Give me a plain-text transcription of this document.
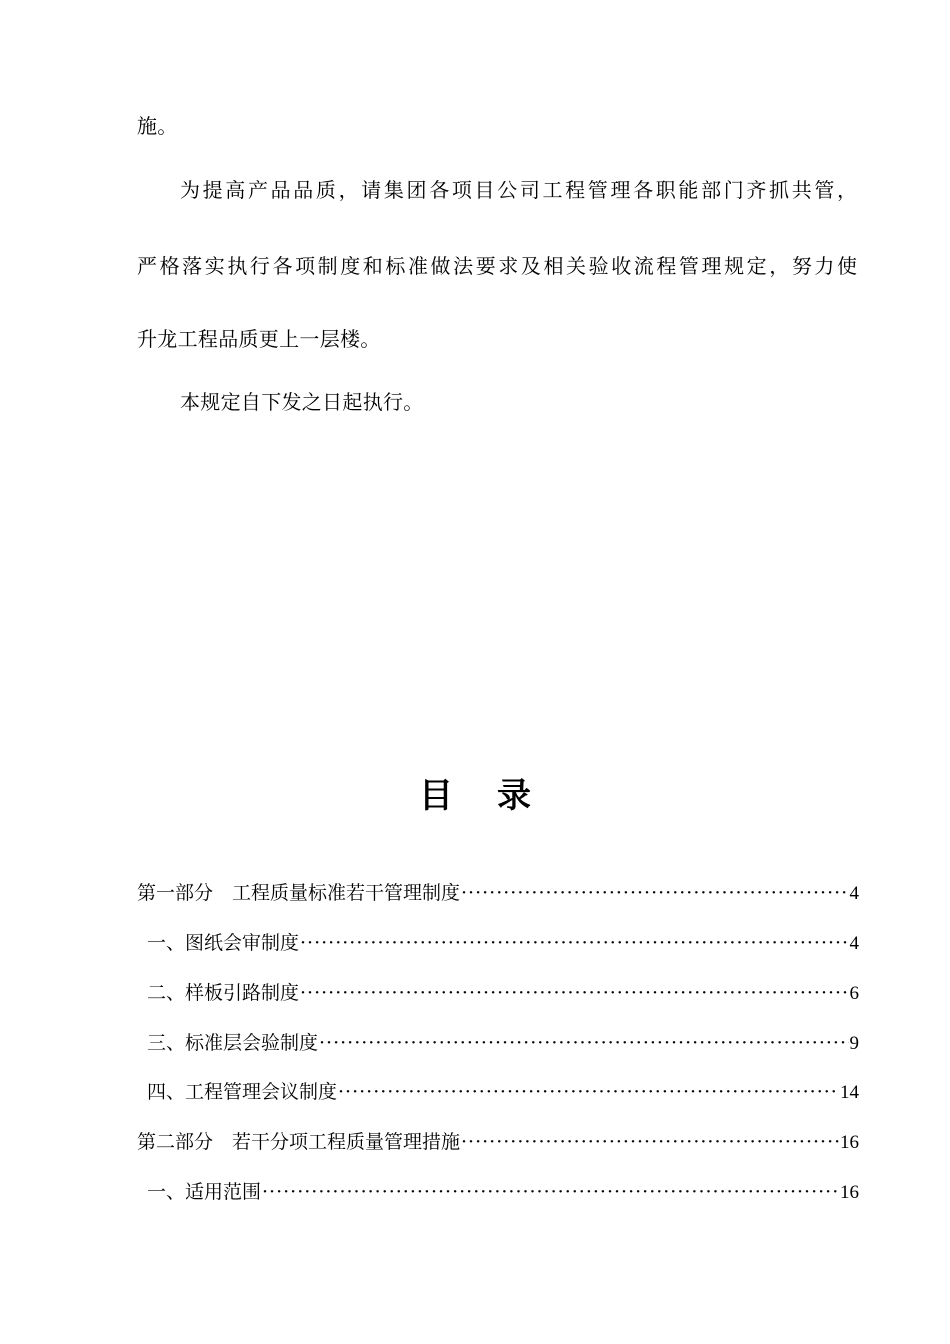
施。
为提高产品品质，请集团各项目公司工程管理各职能部门齐抓共管，
严格落实执行各项制度和标准做法要求及相关验收流程管理规定，努力使
升龙工程品质更上一层楼。
本规定自下发之日起执行。
目录
第一部分　工程质量标准若干管理制度 ·····	4
一、图纸会审制度 ·····	4
二、样板引路制度 ·····	6
三、标准层会验制度 ·····	9
四、工程管理会议制度 ·····	14
第二部分　若干分项工程质量管理措施 ·····	16
一、适用范围 ·····	16
